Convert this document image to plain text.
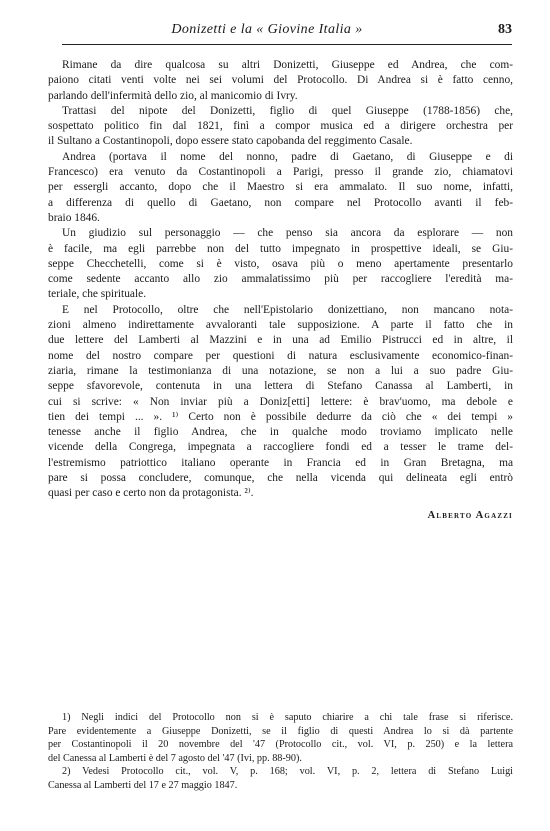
Donizetti e la « Giovine Italia »	83
Rimane da dire qualcosa su altri Donizetti, Giuseppe ed Andrea, che com-
paiono citati venti volte nei sei volumi del Protocollo. Di Andrea si è fatto cenno,
parlando dell'infermità dello zio, al manicomio di Ivry.
Trattasi del nipote del Donizetti, figlio di quel Giuseppe (1788-1856) che,
sospettato politico fin dal 1821, finì a compor musica ed a dirigere orchestra per
il Sultano a Costantinopoli, dopo essere stato capobanda del reggimento Casale.
Andrea (portava il nome del nonno, padre di Gaetano, di Giuseppe e di
Francesco) era venuto da Costantinopoli a Parigi, presso il grande zio, chiamatovi
per essergli accanto, dopo che il Maestro si era ammalato. Il suo nome, infatti,
a differenza di quello di Gaetano, non compare nel Protocollo avanti il feb-
braio 1846.
Un giudizio sul personaggio — che penso sia ancora da esplorare — non
è facile, ma egli parrebbe non del tutto impegnato in prospettive ideali, se Giu-
seppe Checchetelli, come si è visto, osava più o meno apertamente presentarlo
come sedente accanto allo zio ammalatissimo più per raccogliere l'eredità ma-
teriale, che spirituale.
E nel Protocollo, oltre che nell'Epistolario donizettiano, non mancano nota-
zioni almeno indirettamente avvaloranti tale supposizione. A parte il fatto che in
due lettere del Lamberti al Mazzini e in una ad Emilio Pistrucci ed in altre, il
nome del nostro compare per questioni di natura esclusivamente economico-finan-
ziaria, rimane la testimonianza di una notazione, se non a lui a suo padre Giu-
seppe sfavorevole, contenuta in una lettera di Stefano Canassa al Lamberti, in
cui si scrive: « Non inviar più a Doniz[etti] lettere: è brav'uomo, ma debole e
tien dei tempi ... ». ¹⁾ Certo non è possibile dedurre da ciò che « dei tempi »
tenesse anche il figlio Andrea, che in qualche modo troviamo implicato nelle
vicende della Congrega, impegnata a raccogliere fondi ed a tesser le trame del-
l'estremismo patriottico italiano operante in Francia ed in Gran Bretagna, ma
pare si possa concludere, comunque, che nella vicenda qui delineata egli entrò
quasi per caso e certo non da protagonista. ²⁾.
Alberto Agazzi
1) Negli indici del Protocollo non si è saputo chiarire a chi tale frase si riferisce.
Pare evidentemente a Giuseppe Donizetti, se il figlio di questi Andrea lo si dà partente
per Costantinopoli il 20 novembre del '47 (Protocollo cit., vol. VI, p. 250) e la lettera
del Canessa al Lamberti è del 7 agosto del '47 (Ivi, pp. 88-90).
2) Vedesi Protocollo cit., vol. V, p. 168; vol. VI, p. 2, lettera di Stefano Luigi
Canessa al Lamberti del 17 e 27 maggio 1847.
